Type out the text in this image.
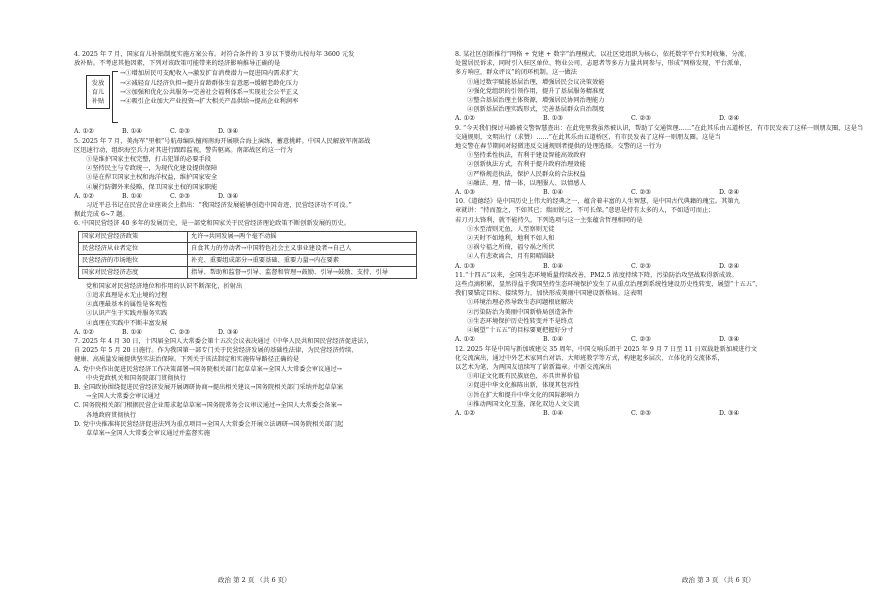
4. 2025 年 7 月，国家育儿补贴制度实施方案公布。对符合条件的 3 岁以下婴幼儿按每年 3600 元发
放补贴。不考虑其他因素，下列对该政策可能带来的经济影响推导正确的是
发放
育儿
补贴
→①增加居民可支配收入→激发扩育消费潜力→促进国内需求扩大
→②减轻育儿经济负担→提升育龄群体生育意愿→缓解老龄化压力
→③加强和优化公共服务→完善社会福利体系→实现社会公平正义
→④吸引企业加大产业投资→扩大相关产品供给→提高企业利润率
A. ①②	B. ①④	C. ②③	D. ③④
5. 2025 年 7 月，美海军“里根”号航母编队擅闯南海开展联合海上演练，蓄意挑衅。中国人民解放军南部战
区迅速行动，组织海空兵力对其进行跟踪监视，警告驱离。南部战区的这一行为
①是维护国家主权完整，打击犯罪的必要手段
②坚持民主与专政统一，为现代化建设提供保障
③是在捍卫国家主权和海洋权益，维护国家安全
④履行防御外来侵略，保卫国家主权的国家职能
A. ①②	B. ①④	C. ②③	D. ③④
习近平总书记在民营企业座谈会上指出：“我国经济发展能够创造中国奇迹，民营经济功不可没。”
据此完成 6~7 题。
6. 中国民营经济 40 多年的发展历史，是一部党和国家关于民营经济理论政策不断创新发展的历史。
国家对民营经济政策	允许→共同发展→两个毫不动摇
民营经济从业者定位	自食其力的劳动者→中国特色社会主义事业建设者→自己人
民营经济的市场地位	补充、重要组成部分→重要基础、重要力量→内在要素
国家对民营经济态度	指导、帮助和监督→引导、监督和管理→鼓励、引导→鼓励、支持、引导
党和国家对民营经济地位和作用的认识不断深化，折射出
①追求真理是永无止境的过程
②真理最基本的属性是客观性
③认识产生于实践并服务实践
④真理在实践中不断丰富发展
A. ①②	B. ①④	C. ②③	D. ③④
7. 2025 年 4 月 30 日，十四届全国人大常委会第十五次会议表决通过《中华人民共和国民营经济促进法》，
自 2025 年 5 月 20 日施行。作为我国第一部专门关于民营经济发展的基础性法律，为民营经济持续、
健康、高质量发展提供坚实法治保障。下列关于该法制定和实施传导路径正确的是
A. 党中央作出促进民营经济工作决策部署→国务院相关部门起草草案→全国人大常委会审议通过→
中央党政机关和国务院部门贯彻执行
B. 全国政协围绕促进民营经济发展开展调研协商→提出相关建议→国务院相关部门采纳并起草草案
→全国人大常委会审议通过
C. 国务院相关部门根据民营企业需求起草草案→国务院常务会议审议通过→全国人大常委会备案→
各地政府贯彻执行
D. 党中央推准将民营经济促进法列为重点项目→全国人大常委会开展立法调研→国务院相关部门起
草草案→全国人大常委会审议通过并监督实施
8. 某社区创新推行“网格 + 党建 + 数字”治理模式，以社区党组织为核心，依托数字平台实时收集、分流、
处置居民诉求，同时引入驻区单位、物业公司、志愿者等多方力量共同参与，形成“网格发现，平台派单，
多方响应，群众评议”的闭环机制。这一做法
①通过数字赋能基层治理，增强居民会议决策效能
②强化党组织的引领作用，提升了基层服务精准度
③整合基层治理主体资源，增强居民协同治理能力
④创新基层治理实践形式，完善基层群众自治制度
A. ①②	B. ①③	C. ②③	D. ②④
9. “今天我们探讨马路被交警智慧查出：在此兜里我虽然被认识，帮助了交通管理……”在此其乐由五道桥区，有市民发表了这样一则朋友圈，这是当
交通规则，文明出行（求赞）……”在此其乐由五道桥区，有市民发表了这样一则朋友圈。这是当
地交警在春节期间对轻微违反交通规则者提供的处理选择。交警的这一行为
①坚持柔性执法，有利于建设智能高效政府
②创新执法方式，有利于提升政府治理效能
③严格规范执法，保护人民群众的合法权益
④融法、理、情一体，以理服人、以情感人
A. ①③	B. ①④	C. ②③	D. ②④
10.《道德经》是中国历史上伟大的经典之一，蕴含着丰富的人生智慧，是中国古代典籍的瑰宝。其第九
章就讲：“持而盈之，不如其已；揣而锐之，不可长保。”意思是持有太多的人，不如适可而止；
若刀刃太锋利，就不能持久。下列选项与这一主张蕴含哲理相同的是
①水至清则无鱼，人至察则无徒
②天时不如地利，地利不如人和
③祸兮福之所倚，福兮祸之所伏
④人有悲欢离合，月有阴晴圆缺
A. ①③	B. ①④	C. ②③	D. ②④
11.“十四五”以来，全国生态环境质量持续改善，PM2.5 浓度持续下降，污染防治攻坚战取得新成效。
这些点滴积累，显然得益于我国坚持生态环境保护发生了从重点治理到系统性建设历史性转变，展望“十五五”，
我们要锚定目标、接续努力，加快形成美丽中国建设新格局。这表明
①环境治理必然导致生态问题根底解决
②污染防治为美丽中国新格局创造条件
③生态环境保护历史性转变并不是终点
④展望“十五五”的目标要更把握好分寸
A. ①②	B. ①④	C. ②③	D. ③④
12. 2025 年是中国与新加坡建交 35 周年，中国交响乐团于 2025 年 9 月 7 日至 11 日双载赴新加坡进行文
化交流演出，通过中外艺术家同台对话、大师班教学等方式，构建起多层次、立体化的交流体系，
以艺术为笔，为两国友谊续写了崭新篇章。中新交流演出
①印证文化既有民族底色，亦具世界价值
②促进中华文化推陈出新，体现其包容性
③旨在扩大和提升中华文化的国际影响力
④推动两国文化互鉴，深化双边人文交流
A. ①②	B. ①④	C. ②③	D. ③④
政治 第 2 页 （共 6 页）	政治 第 3 页 （共 6 页）
